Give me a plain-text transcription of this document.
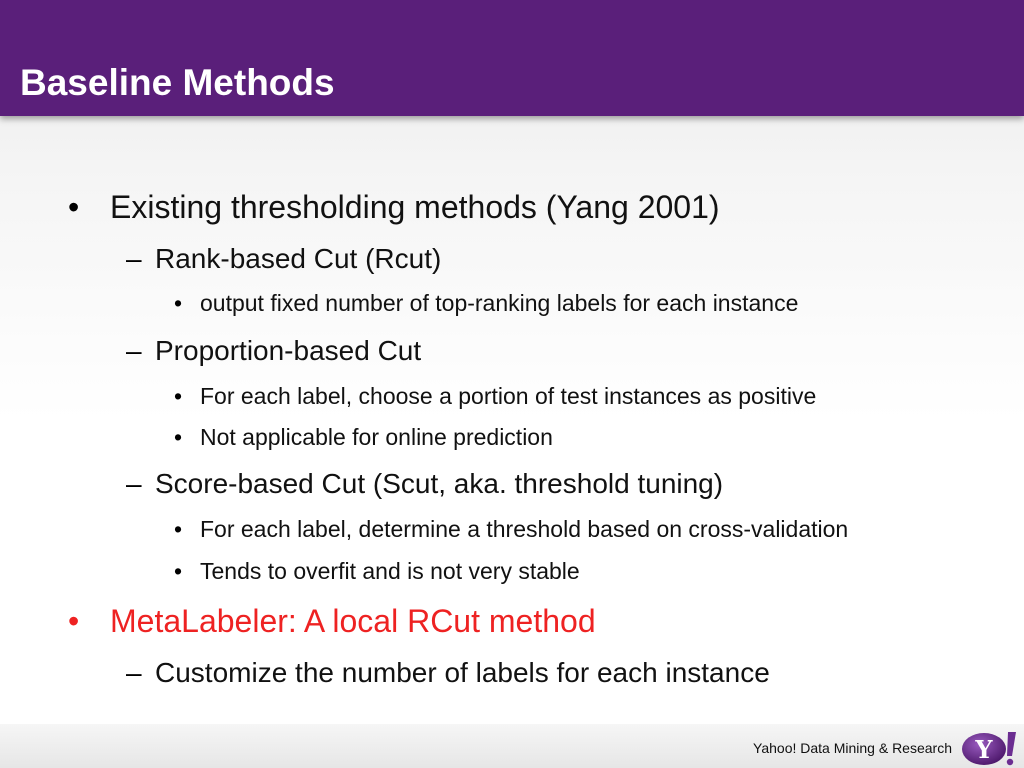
Baseline Methods
• Existing thresholding methods (Yang 2001)
– Rank-based Cut (Rcut)
• output fixed number of top-ranking labels for each instance
– Proportion-based Cut
• For each label, choose a portion of test instances as positive
• Not applicable for online prediction
– Score-based Cut (Scut, aka. threshold tuning)
• For each label, determine a threshold based on cross-validation
• Tends to overfit and is not very stable
• MetaLabeler: A local RCut method
– Customize the number of labels for each instance
Yahoo! Data Mining & Research Y
